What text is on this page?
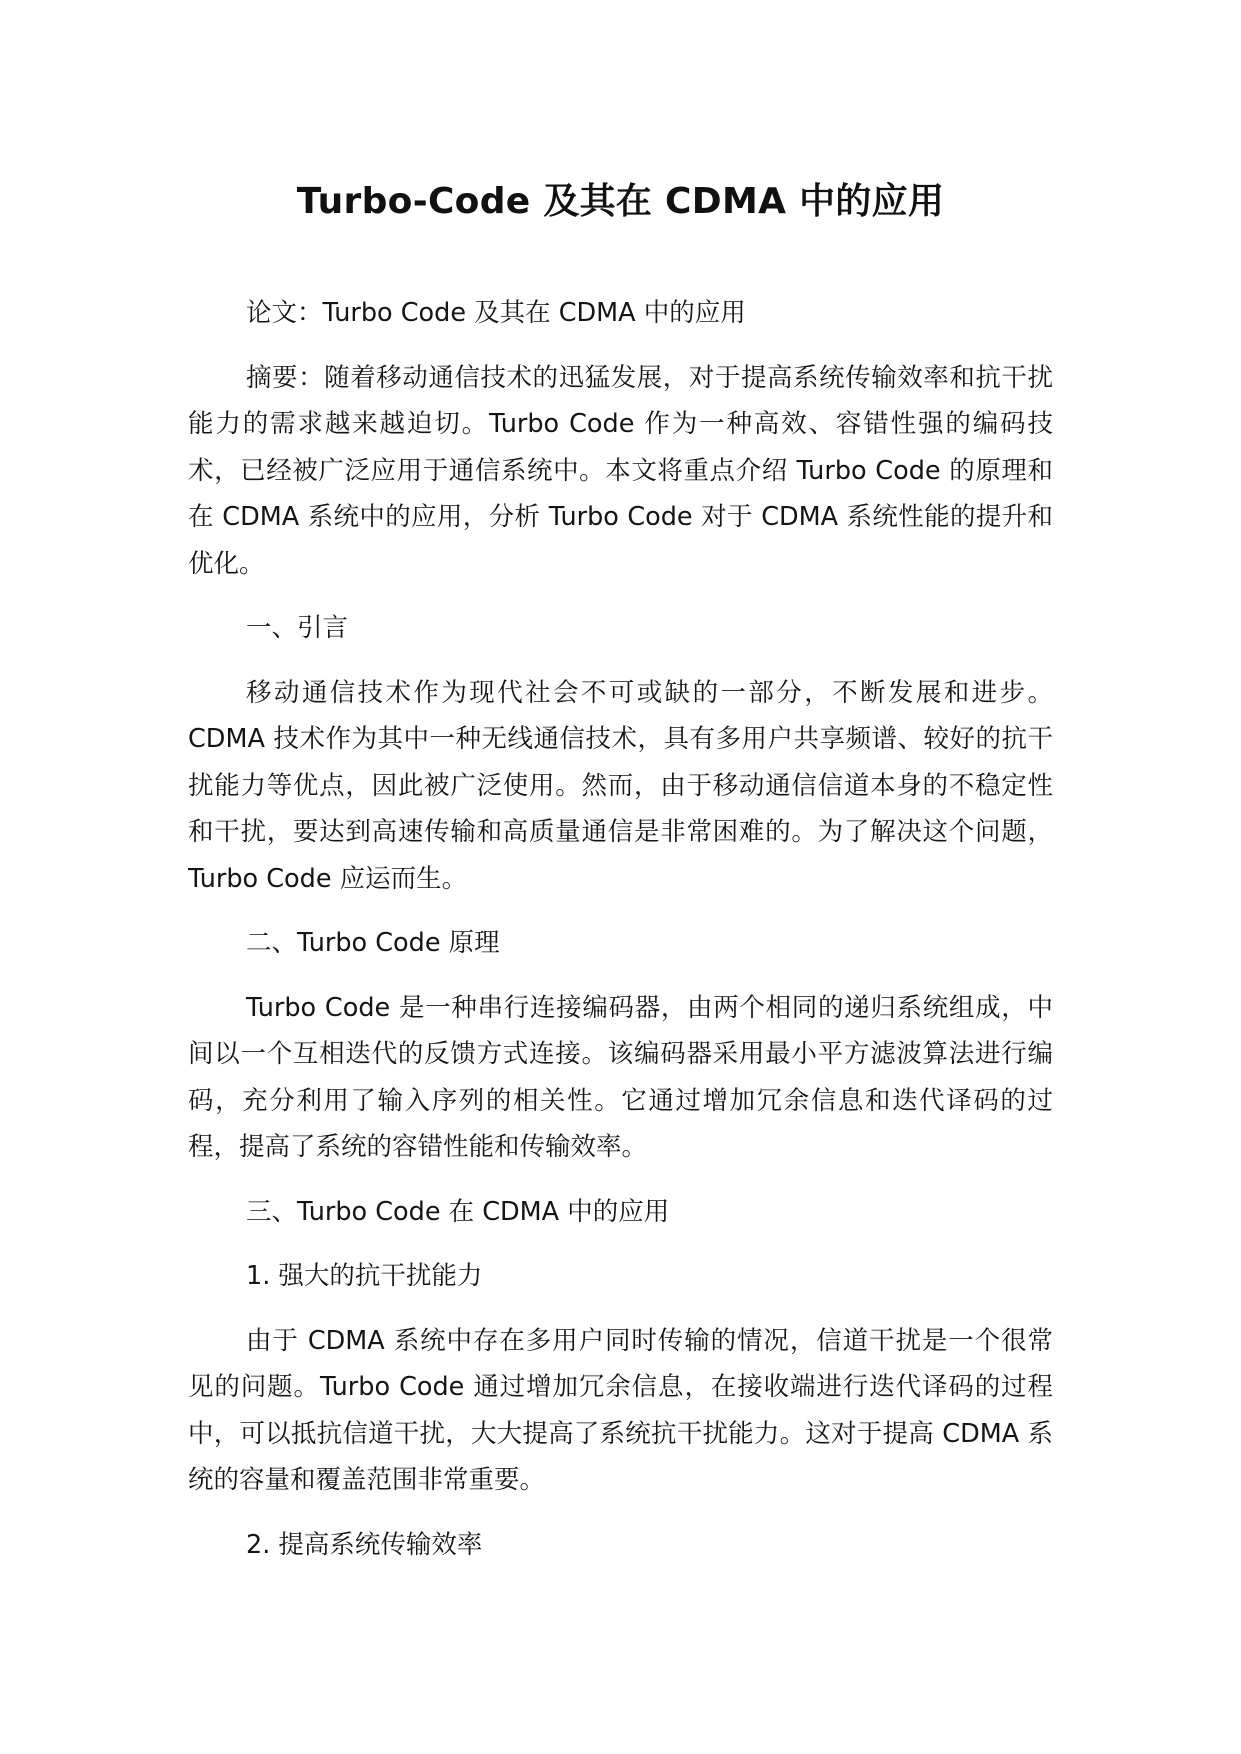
Turbo-Code 及其在 CDMA 中的应用

论文：Turbo Code 及其在 CDMA 中的应用

摘要：随着移动通信技术的迅猛发展，对于提高系统传输效率和抗干扰能力的需求越来越迫切。Turbo Code 作为一种高效、容错性强的编码技术，已经被广泛应用于通信系统中。本文将重点介绍 Turbo Code 的原理和在 CDMA 系统中的应用，分析 Turbo Code 对于 CDMA 系统性能的提升和优化。

一、引言

移动通信技术作为现代社会不可或缺的一部分，不断发展和进步。CDMA 技术作为其中一种无线通信技术，具有多用户共享频谱、较好的抗干扰能力等优点，因此被广泛使用。然而，由于移动通信信道本身的不稳定性和干扰，要达到高速传输和高质量通信是非常困难的。为了解决这个问题，Turbo Code 应运而生。

二、Turbo Code 原理

Turbo Code 是一种串行连接编码器，由两个相同的递归系统组成，中间以一个互相迭代的反馈方式连接。该编码器采用最小平方滤波算法进行编码，充分利用了输入序列的相关性。它通过增加冗余信息和迭代译码的过程，提高了系统的容错性能和传输效率。

三、Turbo Code 在 CDMA 中的应用

1. 强大的抗干扰能力

由于 CDMA 系统中存在多用户同时传输的情况，信道干扰是一个很常见的问题。Turbo Code 通过增加冗余信息，在接收端进行迭代译码的过程中，可以抵抗信道干扰，大大提高了系统抗干扰能力。这对于提高 CDMA 系统的容量和覆盖范围非常重要。

2. 提高系统传输效率
